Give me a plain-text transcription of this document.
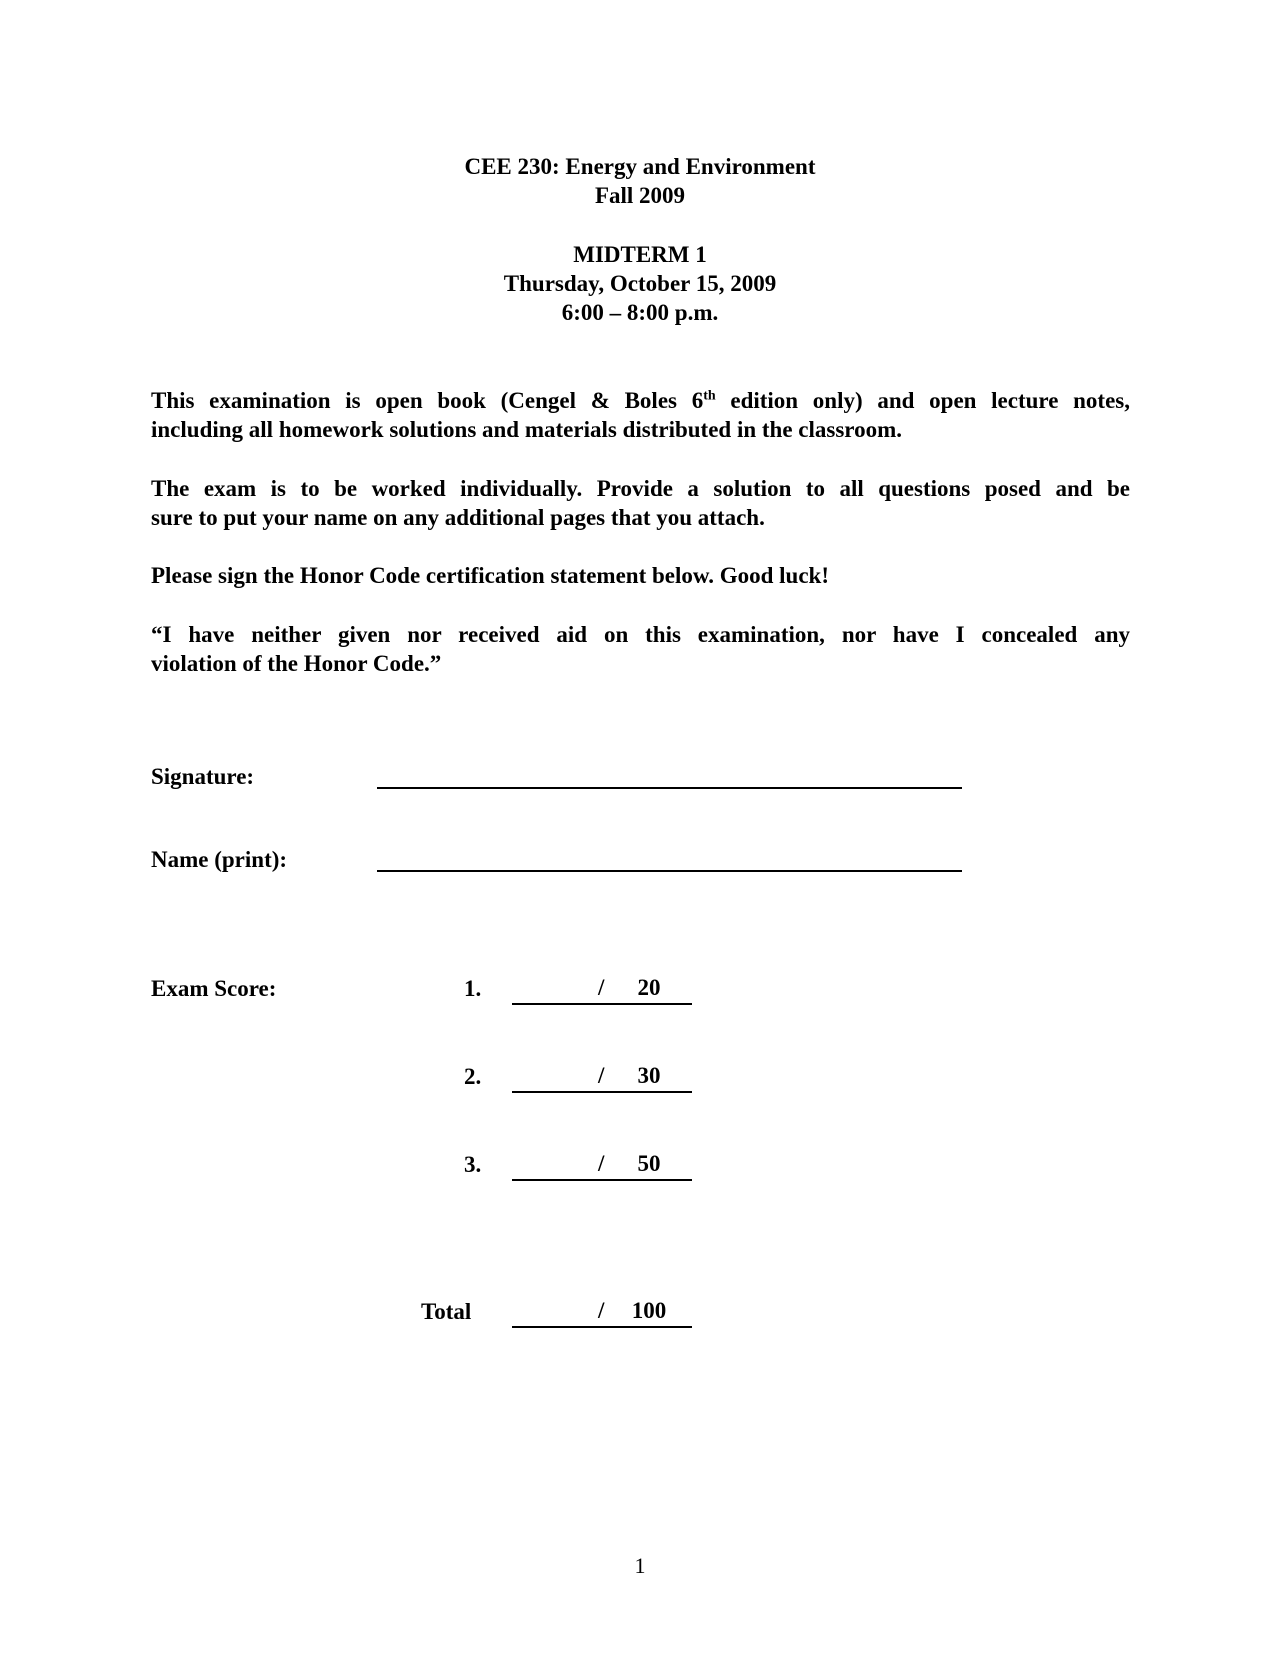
CEE 230: Energy and Environment
Fall 2009
MIDTERM 1
Thursday, October 15, 2009
6:00 – 8:00 p.m.
This examination is open book (Cengel & Boles 6th edition only) and open lecture notes,
including all homework solutions and materials distributed in the classroom.
The exam is to be worked individually. Provide a solution to all questions posed and be
sure to put your name on any additional pages that you attach.
Please sign the Honor Code certification statement below. Good luck!
“I have neither given nor received aid on this examination, nor have I concealed any
violation of the Honor Code.”
Signature:
Name (print):
Exam Score:	1.	/	20
2.	/	30
3.	/	50
Total	/	100
1
